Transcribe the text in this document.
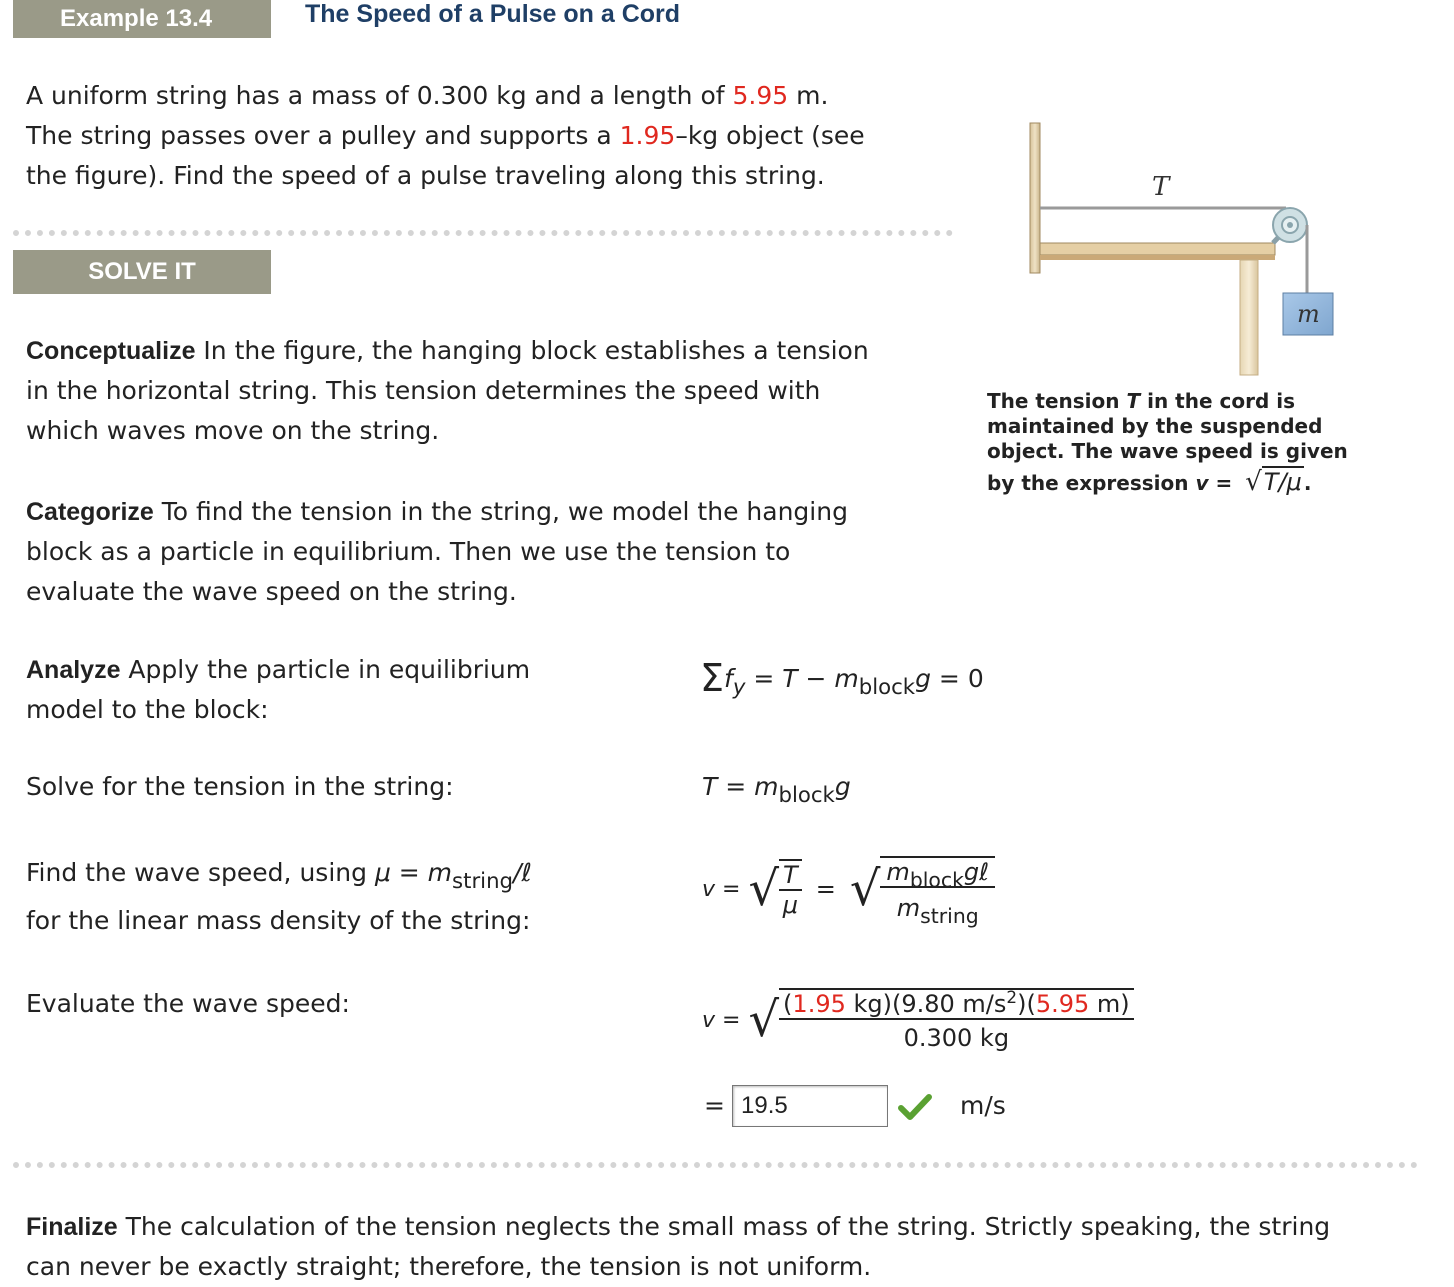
Example 13.4	The Speed of a Pulse on a Cord
A uniform string has a mass of 0.300 kg and a length of 5.95 m.
The string passes over a pulley and supports a 1.95–kg object (see
the figure). Find the speed of a pulse traveling along this string.
SOLVE IT
T
m
The tension T in the cord is
maintained by the suspended
object. The wave speed is given
by the expression v = √T/μ .
Conceptualize In the figure, the hanging block establishes a tension
in the horizontal string. This tension determines the speed with
which waves move on the string.
Categorize To find the tension in the string, we model the hanging
block as a particle in equilibrium. Then we use the tension to
evaluate the wave speed on the string.
Analyze Apply the particle in equilibrium
model to the block:
$\Sigma f_y = T - m_{block}g = 0$
Solve for the tension in the string:	$T = m_{block}g$
Find the wave speed, using $\mu = m_{string}/\ell$
for the linear mass density of the string:
v = √ $\frac{T}{\mu}$ = √ $\frac{m_{block}g\ell}{m_{string}}$
Evaluate the wave speed:
v = √ $\frac{(1.95 kg)(9.80 m/s^2)(5.95 m)}{0.300 kg}$
=
19.5	m/s
Finalize The calculation of the tension neglects the small mass of the string. Strictly speaking, the string
can never be exactly straight; therefore, the tension is not uniform.
